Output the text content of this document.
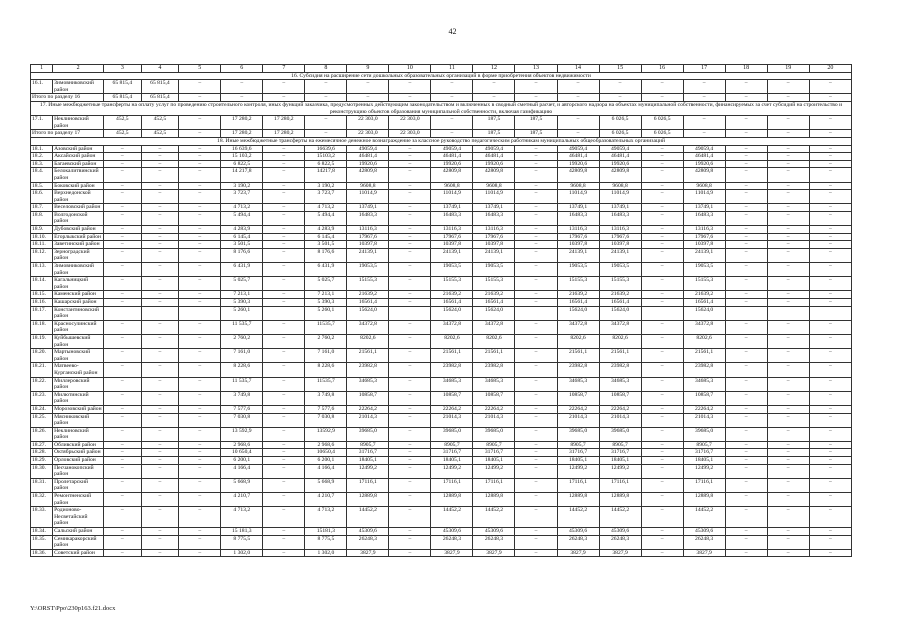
42
1	2	3	4	5	6	7	8	9	10	11	12	13	14	15	16	17	18	19	20
16. Субсидия на расширение сети дошкольных образовательных организаций в форме приобретения объектов недвижимости																			
16.1.	Зимовниковский район	65 815,4	65 815,4	–	–	–	–	–	–	–	–	–	–	–	–	–	–	–	–
Итого по разделу 16		65 815,4	65 815,4	–	–	–	–	–	–	–	–	–	–	–	–	–	–	–	–
17. Иные межбюджетные трансферты на оплату услуг по проведению строительного контроля, иных функций заказчика, предусмотренных действующим законодательством и включенных в сводный сметный расчет, и авторского надзора на объектах муниципальной собственности, финансируемых за счет субсидий на строительство и реконструкцию объектов образования муниципальной собственности, включая газификацию																			
17.1.	Неклиновский район	452,5	452,5	–	17 280,2	17 280,2	–	22 303,0	22 303,0	–	187,5	187,5	–	6 026,5	6 026,5	–	–	–	–
Итого по разделу 17		452,5	452,5	–	17 280,2	17 280,2	–	22 303,0	22 303,0	–	187,5	187,5	–	6 026,5	6 026,5	–	–	–	–
18. Иные межбюджетные трансферты на ежемесячное денежное вознаграждение за классное руководство педагогическим работникам муниципальных общеобразовательных организаций																			
18.1.	Азовский район	–	–	–	16 639,6	–	16639,6	49059,4	–	49059,4	49059,4	–	49059,4	49059,4	–	49059,4	–	–	–
18.2.	Аксайский район	–	–	–	15 103,2	–	15103,2	46481,4	–	46481,4	46481,4	–	46481,4	46481,4	–	46481,4	–	–	–
18.3.	Багаевский район	–	–	–	6 822,5	–	6 822,5	19920,6	–	19920,6	19920,6	–	19920,6	19920,6	–	19920,6	–	–	–
18.4.	Белокалитвинский район	–	–	–	14 217,8	–	14217,8	42809,8	–	42809,8	42809,8	–	42809,8	42809,8	–	42809,8	–	–	–
18.5.	Боковский район	–	–	–	3 190,2	–	3 190,2	9608,8	–	9608,8	9608,8	–	9608,8	9608,8	–	9608,8	–	–	–
18.6.	Верхнедонской район	–	–	–	3 723,7	–	3 723,7	11014,9	–	11014,9	11014,9	–	11014,9	11014,9	–	11014,9	–	–	–
18.7.	Веселовский район	–	–	–	4 713,2	–	4 713,2	13749,1	–	13749,1	13749,1	–	13749,1	13749,1	–	13749,1	–	–	–
18.8.	Волгодонской район	–	–	–	5 494,4	–	5 494,4	16483,3	–	16483,3	16483,3	–	16483,3	16483,3	–	16483,3	–	–	–
18.9.	Дубовский район	–	–	–	4 283,9	–	4 283,9	13116,3	–	13116,3	13116,3	–	13116,3	13116,3	–	13116,3	–	–	–
18.10.	Егорлыкский район	–	–	–	6 145,4	–	6 145,4	17967,6	–	17967,6	17967,6	–	17967,6	17967,6	–	17967,6	–	–	–
18.11.	Заветинский район	–	–	–	3 501,5	–	3 501,5	10397,8	–	10397,8	10397,8	–	10397,8	10397,8	–	10397,8	–	–	–
18.12.	Зерноградский район	–	–	–	8 176,6	–	8 176,6	24139,1	–	24139,1	24139,1	–	24139,1	24139,1	–	24139,1	–	–	–
18.13.	Зимовниковский район	–	–	–	6 431,9	–	6 431,9	19053,5	–	19053,5	19053,5	–	19053,5	19053,5	–	19053,5	–	–	–
18.14.	Кагальницкий район	–	–	–	5 025,7	–	5 025,7	15155,3	–	15155,3	15155,3	–	15155,3	15155,3	–	15155,3	–	–	–
18.15.	Каменский район	–	–	–	7 213,1	–	7 213,1	21639,2	–	21639,2	21639,2	–	21639,2	21639,2	–	21639,2	–	–	–
18.16.	Кашарский район	–	–	–	5 390,3	–	5 390,3	16561,4	–	16561,4	16561,4	–	16561,4	16561,4	–	16561,4	–	–	–
18.17.	Константиновский район				5 260,1		5 260,1	15624,0		15624,0	15624,0		15624,0	15624,0		15624,0			
18.18.	Красносулинский район	–	–	–	11 535,7	–	11535,7	34372,8	–	34372,8	34372,8	–	34372,8	34372,8	–	34372,8	–	–	–
18.19.	Куйбышевский район	–	–	–	2 760,2	–	2 760,2	8202,6	–	8202,6	8202,6	–	8202,6	8202,6	–	8202,6	–	–	–
18.20.	Мартыновский район	–	–	–	7 161,0	–	7 161,0	21561,1	–	21561,1	21561,1	–	21561,1	21561,1	–	21561,1	–	–	–
18.21.	Матвеево-Курганский район	–	–	–	8 228,6	–	8 228,6	23982,8	–	23982,8	23982,8	–	23982,8	23982,8	–	23982,8	–	–	–
18.22.	Миллеровский район	–	–	–	11 535,7	–	11535,7	34685,3	–	34685,3	34685,3	–	34685,3	34685,3	–	34685,3	–	–	–
18.23.	Милютинский район	–	–	–	3 749,8	–	3 749,8	10858,7	–	10858,7	10858,7	–	10858,7	10858,7	–	10858,7	–	–	–
18.24.	Морозовский район	–	–	–	7 577,6	–	7 577,6	22264,2	–	22264,2	22264,2	–	22264,2	22264,2	–	22264,2	–	–	–
18.25.	Мясниковский район	–	–	–	7 030,8	–	7 030,8	21014,3	–	21014,3	21014,3	–	21014,3	21014,3	–	21014,3	–	–	–
18.26.	Неклиновский район	–	–	–	13 592,9	–	13592,9	39685,0	–	39685,0	39685,0	–	39685,0	39685,0	–	39685,0	–	–	–
18.27.	Обливский район	–	–	–	2 968,6	–	2 968,6	8905,7	–	8905,7	8905,7	–	8905,7	8905,7	–	8905,7	–	–	–
18.28.	Октябрьский район	–	–	–	10 650,4	–	10650,4	31716,7	–	31716,7	31716,7	–	31716,7	31716,7	–	31716,7	–	–	–
18.29.	Орловский район	–	–	–	6 200,1	–	6 200,1	18405,1	–	18405,1	18405,1	–	18405,1	18405,1	–	18405,1	–	–	–
18.30.	Песчанокопский район	–	–	–	4 166,4	–	4 166,4	12499,2	–	12499,2	12499,2	–	12499,2	12499,2	–	12499,2	–	–	–
18.31.	Пролетарский район	–	–	–	5 668,9	–	5 668,9	17116,1	–	17116,1	17116,1	–	17116,1	17116,1	–	17116,1	–	–	–
18.32.	Ремонтненский район	–	–	–	4 210,7	–	4 210,7	12889,8	–	12889,8	12889,8	–	12889,8	12889,8	–	12889,8	–	–	–
18.33.	Родионово-Несветайский район	–	–	–	4 713,2	–	4 713,2	14452,2	–	14452,2	14452,2	–	14452,2	14452,2	–	14452,2	–	–	–
18.34.	Сальский район	–	–	–	15 181,3	–	15181,3	45309,6	–	45309,6	45309,6	–	45309,6	45309,6	–	45309,6	–	–	–
18.35.	Семикаракорский район	–	–	–	8 775,5	–	8 775,5	26248,3	–	26248,3	26248,3	–	26248,3	26248,3	–	26248,3	–	–	–
18.36.	Советский район	–	–	–	1 302,0	–	1 302,0	3827,9	–	3827,9	3827,9	–	3827,9	3827,9	–	3827,9	–	–	–
Y:\ORST\Ppo\230p163.f21.docx
